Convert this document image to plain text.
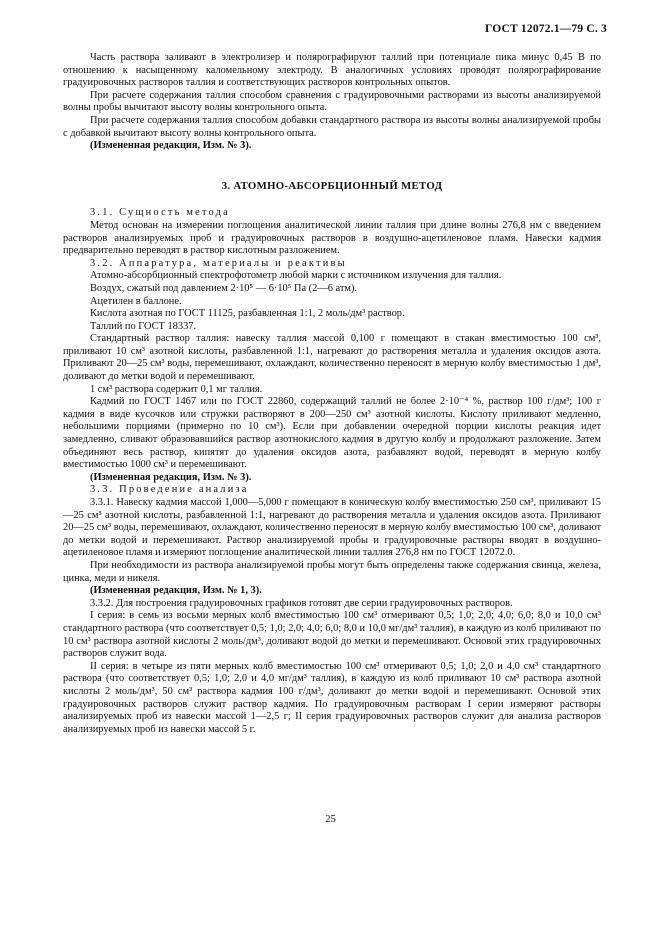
ГОСТ 12072.1—79 С. 3

Часть раствора заливают в электролизер и полярографируют таллий при потенциале пика минус 0,45 В по отношению к насыщенному каломельному электроду. В аналогичных условиях проводят полярографирование градуировочных растворов таллия и соответствующих растворов контрольных опытов.

При расчете содержания таллия способом сравнения с градуировочными растворами из высоты анализируемой волны пробы вычитают высоту волны контрольного опыта.

При расчете содержания таллия способом добавки стандартного раствора из высоты волны анализируемой пробы с добавкой вычитают высоту волны контрольного опыта.

(Измененная редакция, Изм. № 3).

3. АТОМНО-АБСОРБЦИОННЫЙ МЕТОД

3.1. Сущность метода

Метод основан на измерении поглощения аналитической линии таллия при длине волны 276,8 нм с введением растворов анализируемых проб и градуировочных растворов в воздушно-ацетиленовое пламя. Навески кадмия предварительно переводят в раствор кислотным разложением.

3.2. Аппаратура, материалы и реактивы

Атомно-абсорбционный спектрофотометр любой марки с источником излучения для таллия.

Воздух, сжатый под давлением 2·10⁵ — 6·10⁵ Па (2—6 атм).

Ацетилен в баллоне.

Кислота азотная по ГОСТ 11125, разбавленная 1:1, 2 моль/дм³ раствор.

Таллий по ГОСТ 18337.

Стандартный раствор таллия: навеску таллия массой 0,100 г помещают в стакан вместимостью 100 см³, приливают 10 см³ азотной кислоты, разбавленной 1:1, нагревают до растворения металла и удаления оксидов азота. Приливают 20—25 см³ воды, перемешивают, охлаждают, количественно переносят в мерную колбу вместимостью 1 дм³, доливают до метки водой и перемешивают.

1 см³ раствора содержит 0,1 мг таллия.

Кадмий по ГОСТ 1467 или по ГОСТ 22860, содержащий таллий не более 2·10⁻⁴ %, раствор 100 г/дм³; 100 г кадмия в виде кусочков или стружки растворяют в 200—250 см³ азотной кислоты. Кислоту приливают медленно, небольшими порциями (примерно по 10 см³). Если при добавлении очередной порции кислоты реакция идет замедленно, сливают образовавшийся раствор азотнокислого кадмия в другую колбу и продолжают разложение. Затем объединяют весь раствор, кипятят до удаления оксидов азота, разбавляют водой, переводят в мерную колбу вместимостью 1000 см³ и перемешивают.

(Измененная редакция, Изм. № 3).

3.3. Проведение анализа

3.3.1. Навеску кадмия массой 1,000—5,000 г помещают в коническую колбу вместимостью 250 см³, приливают 15—25 см³ азотной кислоты, разбавленной 1:1, нагревают до растворения металла и удаления оксидов азота. Приливают 20—25 см³ воды, перемешивают, охлаждают, количественно переносят в мерную колбу вместимостью 100 см³, доливают до метки водой и перемешивают. Раствор анализируемой пробы и градуировочные растворы вводят в воздушно-ацетиленовое пламя и измеряют поглощение аналитической линии таллия 276,8 нм по ГОСТ 12072.0.

При необходимости из раствора анализируемой пробы могут быть определены также содержания свинца, железа, цинка, меди и никеля.

(Измененная редакция, Изм. № 1, 3).

3.3.2. Для построения градуировочных графиков готовят две серии градуировочных растворов.

I серия: в семь из восьми мерных колб вместимостью 100 см³ отмеривают 0,5; 1,0; 2,0; 4,0; 6,0; 8,0 и 10,0 см³ стандартного раствора (что соответствует 0,5; 1,0; 2,0; 4,0; 6,0; 8,0 и 10,0 мг/дм³ таллия), в каждую из колб приливают по 10 см³ раствора азотной кислоты 2 моль/дм³, доливают водой до метки и перемешивают. Основой этих градуировочных растворов служит вода.

II серия: в четыре из пяти мерных колб вместимостью 100 см³ отмеривают 0,5; 1,0; 2,0 и 4,0 см³ стандартного раствора (что соответствует 0,5; 1,0; 2,0 и 4,0 мг/дм³ таллия), в каждую из колб приливают 10 см³ раствора азотной кислоты 2 моль/дм³, 50 см³ раствора кадмия 100 г/дм³, доливают до метки водой и перемешивают. Основой этих градуировочных растворов служит раствор кадмия. По градуировочным растворам I серии измеряют растворы анализируемых проб из навески массой 1—2,5 г; II серия градуировочных растворов служит для анализа растворов анализируемых проб из навески массой 5 г.

25
